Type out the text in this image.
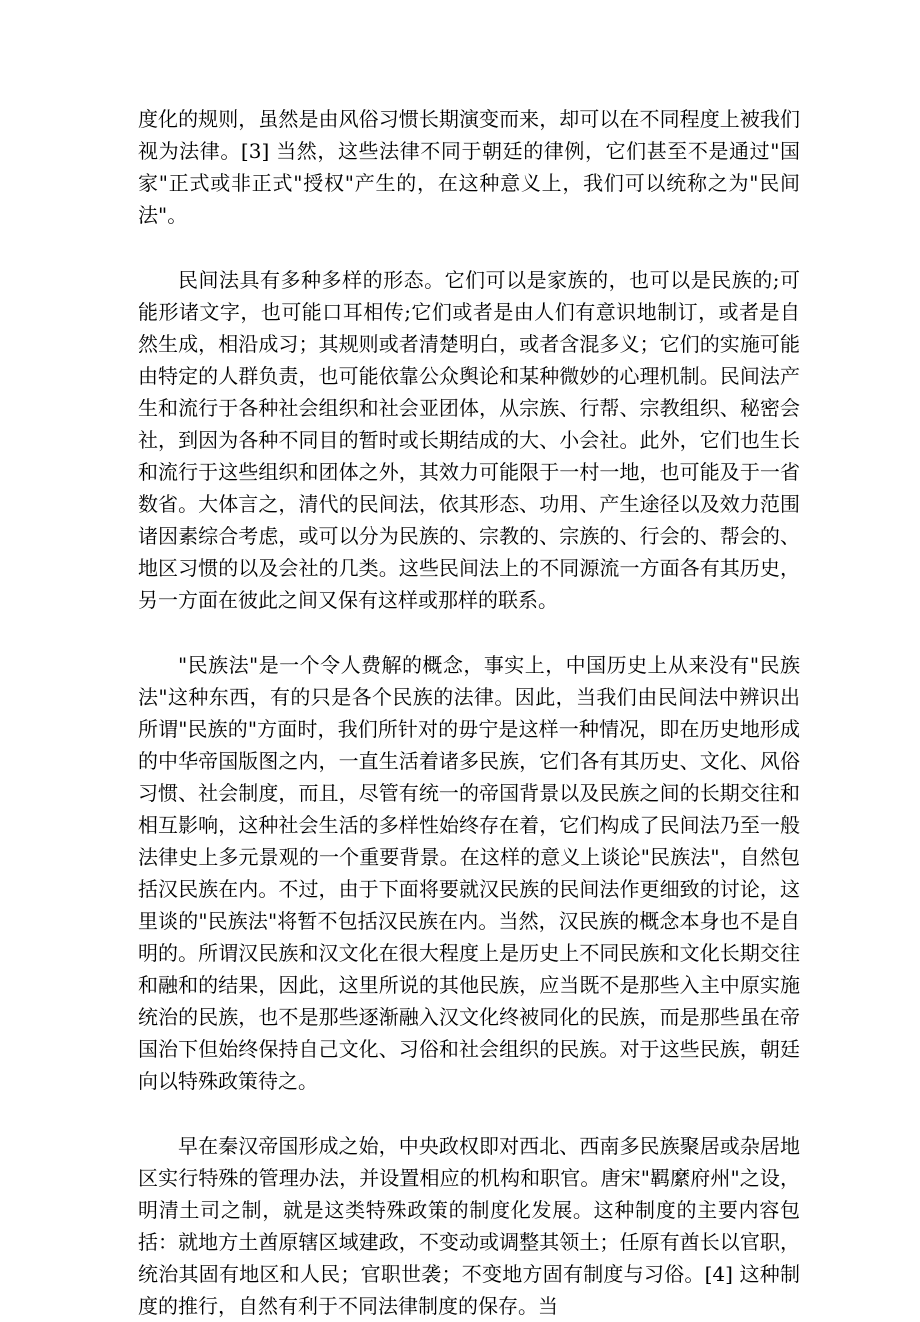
度化的规则，虽然是由风俗习惯长期演变而来，却可以在不同程度上被我们视为法律。[3] 当然，这些法律不同于朝廷的律例，它们甚至不是通过"国家"正式或非正式"授权"产生的，在这种意义上，我们可以统称之为"民间法"。

民间法具有多种多样的形态。它们可以是家族的，也可以是民族的;可能形诸文字，也可能口耳相传;它们或者是由人们有意识地制订，或者是自然生成，相沿成习；其规则或者清楚明白，或者含混多义；它们的实施可能由特定的人群负责，也可能依靠公众舆论和某种微妙的心理机制。民间法产生和流行于各种社会组织和社会亚团体，从宗族、行帮、宗教组织、秘密会社，到因为各种不同目的暂时或长期结成的大、小会社。此外，它们也生长和流行于这些组织和团体之外，其效力可能限于一村一地，也可能及于一省数省。大体言之，清代的民间法，依其形态、功用、产生途径以及效力范围诸因素综合考虑，或可以分为民族的、宗教的、宗族的、行会的、帮会的、地区习惯的以及会社的几类。这些民间法上的不同源流一方面各有其历史，另一方面在彼此之间又保有这样或那样的联系。

"民族法"是一个令人费解的概念，事实上，中国历史上从来没有"民族法"这种东西，有的只是各个民族的法律。因此，当我们由民间法中辨识出所谓"民族的"方面时，我们所针对的毋宁是这样一种情况，即在历史地形成的中华帝国版图之内，一直生活着诸多民族，它们各有其历史、文化、风俗习惯、社会制度，而且，尽管有统一的帝国背景以及民族之间的长期交往和相互影响，这种社会生活的多样性始终存在着，它们构成了民间法乃至一般法律史上多元景观的一个重要背景。在这样的意义上谈论"民族法"，自然包括汉民族在内。不过，由于下面将要就汉民族的民间法作更细致的讨论，这里谈的"民族法"将暂不包括汉民族在内。当然，汉民族的概念本身也不是自明的。所谓汉民族和汉文化在很大程度上是历史上不同民族和文化长期交往和融和的结果，因此，这里所说的其他民族，应当既不是那些入主中原实施统治的民族，也不是那些逐渐融入汉文化终被同化的民族，而是那些虽在帝国治下但始终保持自己文化、习俗和社会组织的民族。对于这些民族，朝廷向以特殊政策待之。

早在秦汉帝国形成之始，中央政权即对西北、西南多民族聚居或杂居地区实行特殊的管理办法，并设置相应的机构和职官。唐宋"羁縻府州"之设，明清土司之制，就是这类特殊政策的制度化发展。这种制度的主要内容包括：就地方土酋原辖区域建政，不变动或调整其领土；任原有酋长以官职，统治其固有地区和人民；官职世袭；不变地方固有制度与习俗。[4] 这种制度的推行，自然有利于不同法律制度的保存。当
